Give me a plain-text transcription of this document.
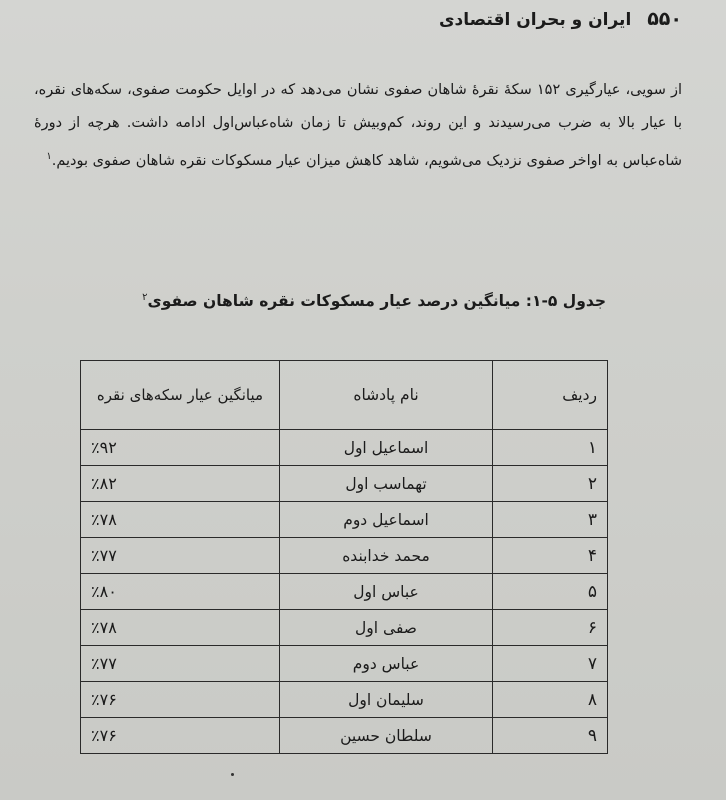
۵۵۰ ایران و بحران اقتصادی
از سویی، عیارگیری ۱۵۲ سکهٔ نقرهٔ شاهان صفوی نشان می‌دهد که در اوایل حکومت صفوی، سکه‌های نقره، با عیار بالا به ضرب می‌رسیدند و این روند، کم‌وبیش تا زمان شاه‌عباس‌اول ادامه داشت. هرچه از دورهٔ شاه‌عباس به اواخر صفوی نزدیک می‌شویم، شاهد کاهش میزان عیار مسکوکات نقره شاهان صفوی بودیم.$^۱$
جدول ۵-۱: میانگین درصد عیار مسکوکات نقره شاهان صفوی$^۲$
ردیف	نام پادشاه	میانگین عیار سکه‌های نقره
۱	اسماعیل اول	٪۹۲
۲	تهماسب اول	٪۸۲
۳	اسماعیل دوم	٪۷۸
۴	محمد خدابنده	٪۷۷
۵	عباس اول	٪۸۰
۶	صفی اول	٪۷۸
۷	عباس دوم	٪۷۷
۸	سلیمان اول	٪۷۶
۹	سلطان حسین	٪۷۶
